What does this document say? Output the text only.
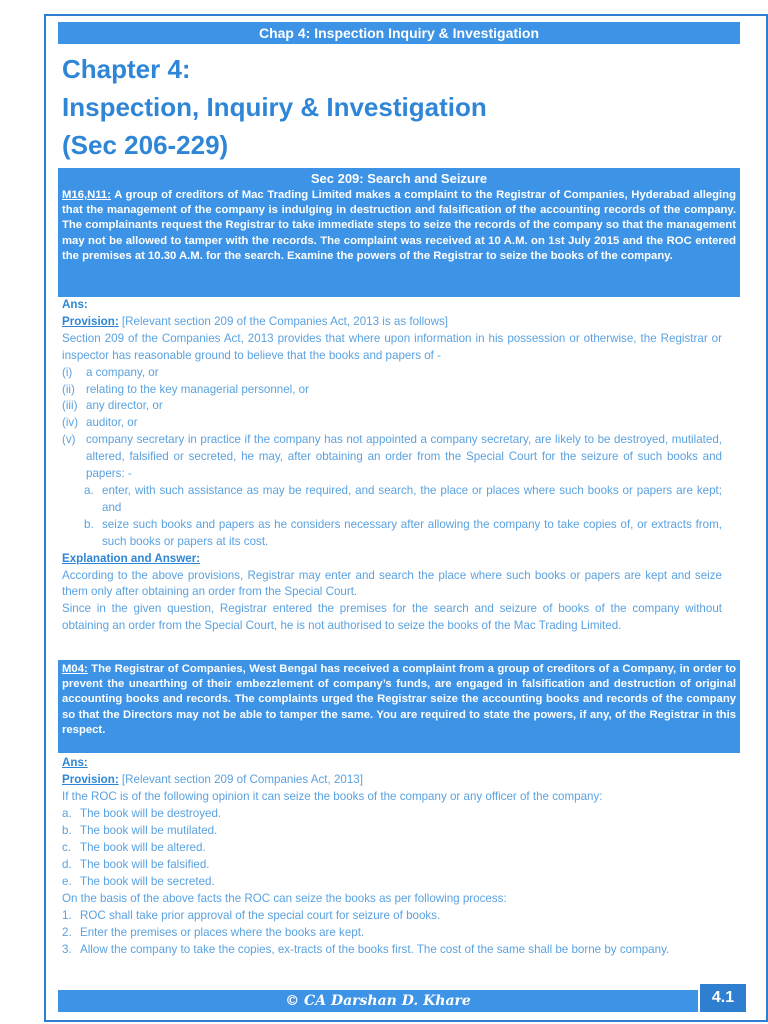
Chap 4: Inspection Inquiry & Investigation
Chapter 4:
Inspection, Inquiry & Investigation
(Sec 206-229)
Sec 209: Search and Seizure
M16,N11: A group of creditors of Mac Trading Limited makes a complaint to the Registrar of Companies, Hyderabad alleging that the management of the company is indulging in destruction and falsification of the accounting records of the company. The complainants request the Registrar to take immediate steps to seize the records of the company so that the management may not be allowed to tamper with the records. The complaint was received at 10 A.M. on 1st July 2015 and the ROC entered the premises at 10.30 A.M. for the search. Examine the powers of the Registrar to seize the books of the company.
Ans:
Provision: [Relevant section 209 of the Companies Act, 2013 is as follows]
Section 209 of the Companies Act, 2013 provides that where upon information in his possession or otherwise, the Registrar or inspector has reasonable ground to believe that the books and papers of -
(i)	a company, or
(ii) relating to the key managerial personnel, or
(iii) any director, or
(iv) auditor, or
(v) company secretary in practice if the company has not appointed a company secretary, are likely to be destroyed, mutilated, altered, falsified or secreted, he may, after obtaining an order from the Special Court for the seizure of such books and papers: -
a. enter, with such assistance as may be required, and search, the place or places where such books or papers are kept; and
b. seize such books and papers as he considers necessary after allowing the company to take copies of, or extracts from, such books or papers at its cost.
Explanation and Answer:
According to the above provisions, Registrar may enter and search the place where such books or papers are kept and seize them only after obtaining an order from the Special Court.
Since in the given question, Registrar entered the premises for the search and seizure of books of the company without obtaining an order from the Special Court, he is not authorised to seize the books of the Mac Trading Limited.
M04: The Registrar of Companies, West Bengal has received a complaint from a group of creditors of a Company, in order to prevent the unearthing of their embezzlement of company’s funds, are engaged in falsification and destruction of original accounting books and records. The complaints urged the Registrar seize the accounting books and records of the company so that the Directors may not be able to tamper the same. You are required to state the powers, if any, of the Registrar in this respect.
Ans:
Provision: [Relevant section 209 of Companies Act, 2013]
If the ROC is of the following opinion it can seize the books of the company or any officer of the company:
a. The book will be destroyed.
b. The book will be mutilated.
c. The book will be altered.
d. The book will be falsified.
e. The book will be secreted.
On the basis of the above facts the ROC can seize the books as per following process:
1. ROC shall take prior approval of the special court for seizure of books.
2. Enter the premises or places where the books are kept.
3. Allow the company to take the copies, ex-tracts of the books first. The cost of the same shall be borne by company.
© CA Darshan D. Khare	4.1
